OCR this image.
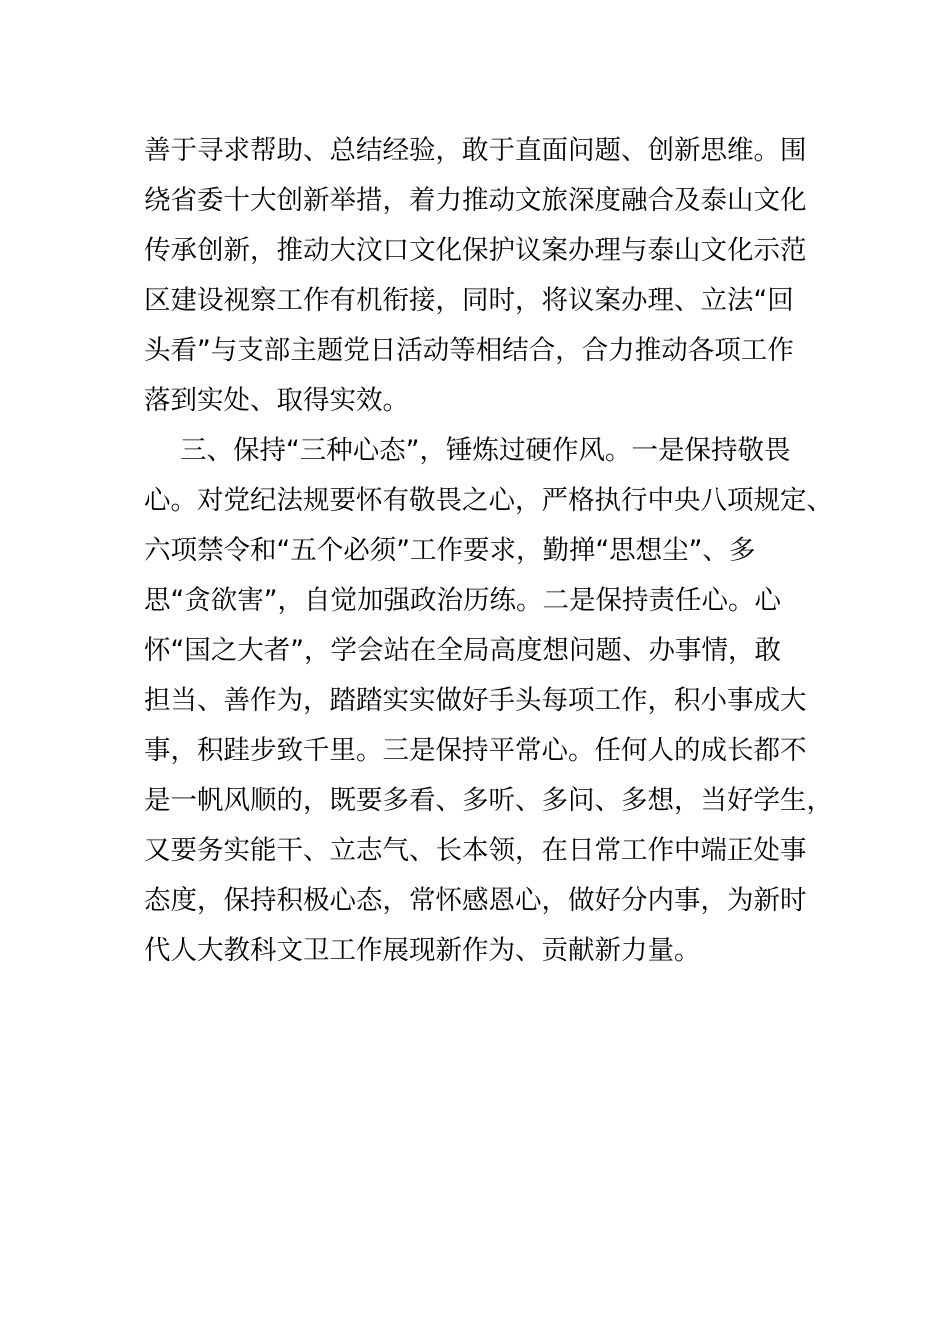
善于寻求帮助、总结经验，敢于直面问题、创新思维。围
绕省委十大创新举措，着力推动文旅深度融合及泰山文化
传承创新，推动大汶口文化保护议案办理与泰山文化示范
区建设视察工作有机衔接，同时，将议案办理、立法“回
头看”与支部主题党日活动等相结合，合力推动各项工作
落到实处、取得实效。
三、保持“三种心态”，锤炼过硬作风。一是保持敬畏
心。对党纪法规要怀有敬畏之心，严格执行中央八项规定、
六项禁令和“五个必须”工作要求，勤掸“思想尘”、多
思“贪欲害”，自觉加强政治历练。二是保持责任心。心
怀“国之大者”，学会站在全局高度想问题、办事情，敢
担当、善作为，踏踏实实做好手头每项工作，积小事成大
事，积跬步致千里。三是保持平常心。任何人的成长都不
是一帆风顺的，既要多看、多听、多问、多想，当好学生，
又要务实能干、立志气、长本领，在日常工作中端正处事
态度，保持积极心态，常怀感恩心，做好分内事，为新时
代人大教科文卫工作展现新作为、贡献新力量。
